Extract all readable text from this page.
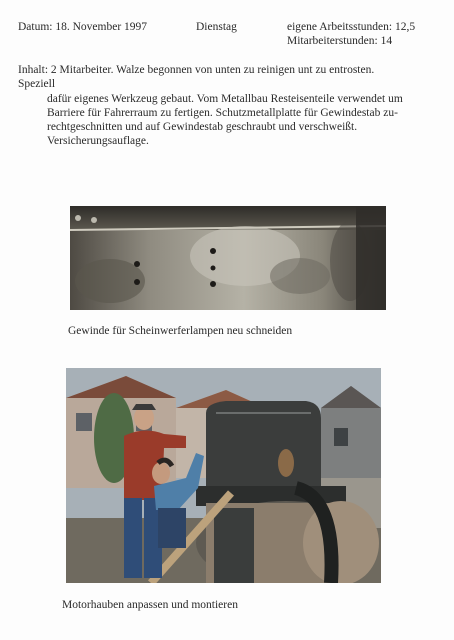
Datum: 18. November 1997	Dienstag	eigene Arbeitsstunden: 12,5
Mitarbeiterstunden: 14
Inhalt: 2 Mitarbeiter. Walze begonnen von unten zu reinigen unt zu entrosten.
Speziell
dafür eigenes Werkzeug gebaut. Vom Metallbau Resteisenteile verwendet um
Barriere für Fahrerraum zu fertigen. Schutzmetallplatte für Gewindestab zu-
rechtgeschnitten und auf Gewindestab geschraubt und verschweißt.
Versicherungsauflage.
Gewinde für Scheinwerferlampen neu schneiden
Motorhauben anpassen und montieren
